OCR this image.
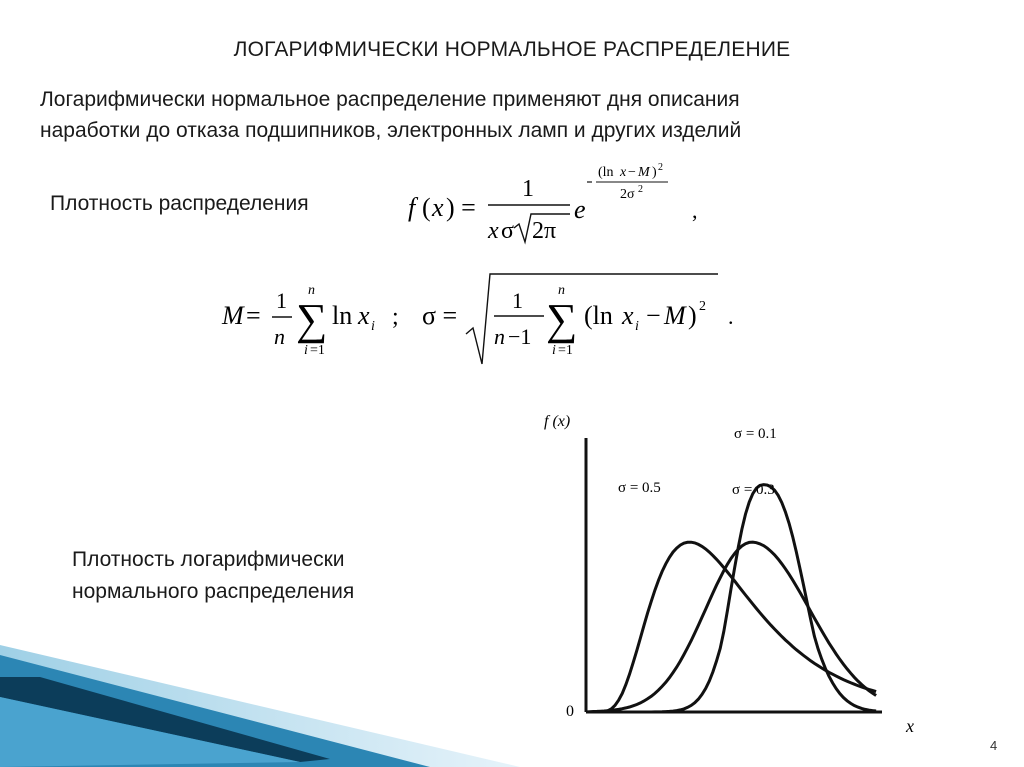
ЛОГАРИФМИЧЕСКИ НОРМАЛЬНОЕ РАСПРЕДЕЛЕНИЕ
Логарифмически нормальное распределение применяют дня описания
наработки до отказа подшипников, электронных ламп и других изделий
Плотность распределения	f ( x ) =
1
x σ 2π
e
(ln x − M ) 2
2σ 2
,
M =
1
n
n
∑
i =1
ln x i ; σ =
1
n −1
n
∑
i =1
(ln x i − M ) 2 .
Плотность логарифмически
нормального распределения
f (x)
x
0
σ = 0.5
σ = 0.1
σ = 0.3
4
